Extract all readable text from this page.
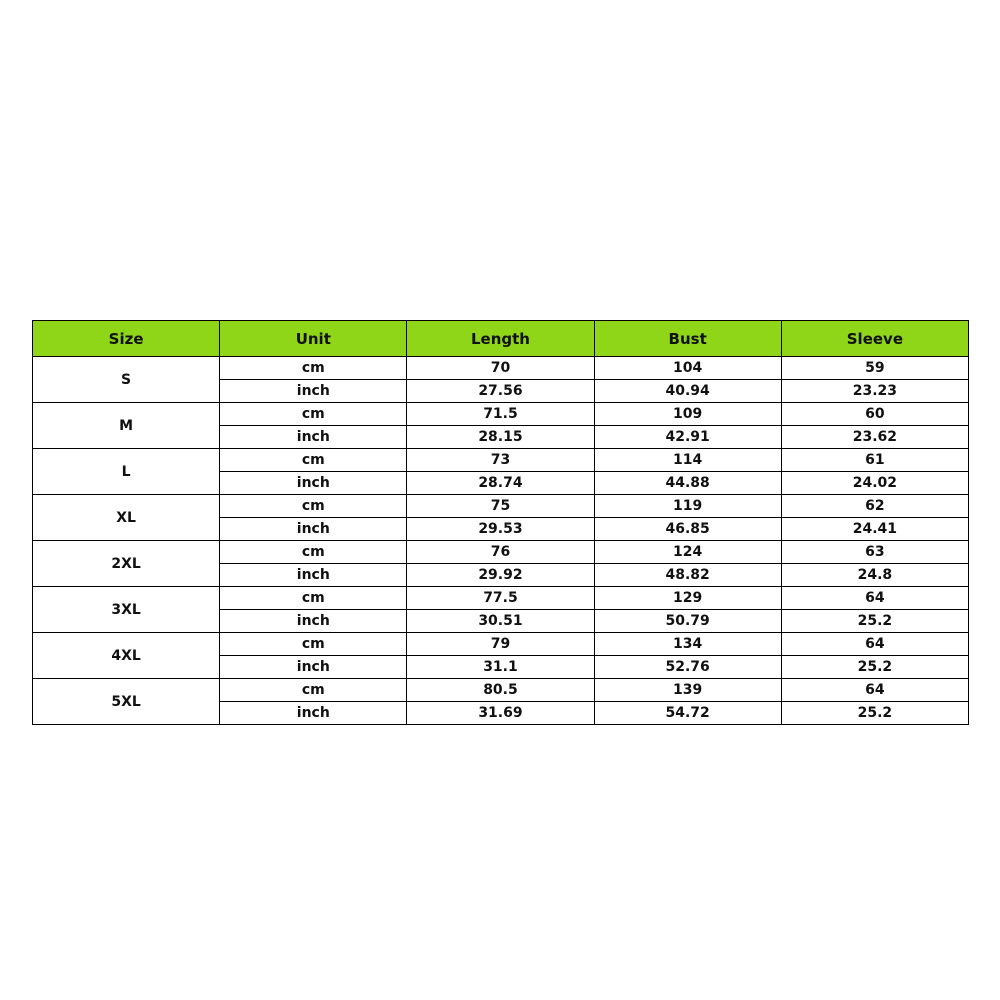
Size	Unit	Length	Bust	Sleeve
S	cm	70	104	59
	inch	27.56	40.94	23.23
M	cm	71.5	109	60
	inch	28.15	42.91	23.62
L	cm	73	114	61
	inch	28.74	44.88	24.02
XL	cm	75	119	62
	inch	29.53	46.85	24.41
2XL	cm	76	124	63
	inch	29.92	48.82	24.8
3XL	cm	77.5	129	64
	inch	30.51	50.79	25.2
4XL	cm	79	134	64
	inch	31.1	52.76	25.2
5XL	cm	80.5	139	64
	inch	31.69	54.72	25.2
